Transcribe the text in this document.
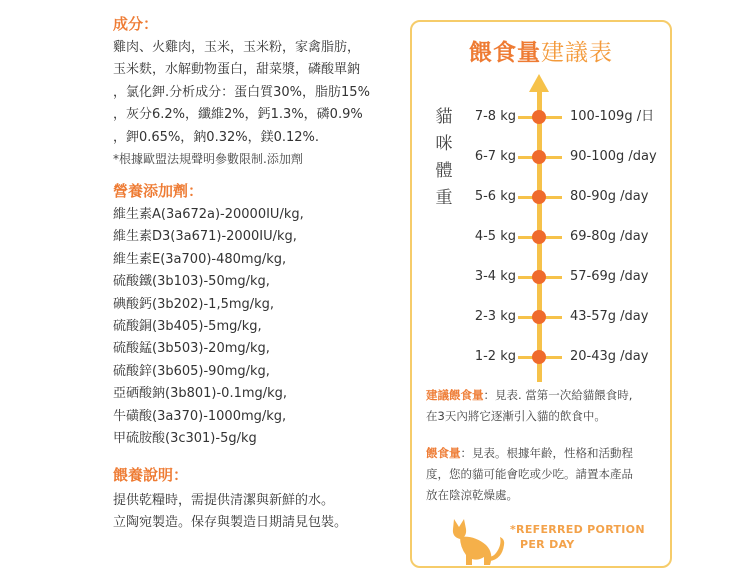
成分：

雞肉、火雞肉，玉米，玉米粉，家禽脂肪，
玉米麩，水解動物蛋白，甜菜漿，磷酸單鈉
，氯化鉀.分析成分：蛋白質30%，脂肪15%
，灰分6.2%，纖維2%，鈣1.3%，磷0.9%
，鉀0.65%，鈉0.32%，鎂0.12%.
*根據歐盟法規聲明參數限制.添加劑

營養添加劑：

維生素A(3a672a)-20000IU/kg,
維生素D3(3a671)-2000IU/kg,
維生素E(3a700)-480mg/kg,
硫酸鐵(3b103)-50mg/kg,
碘酸鈣(3b202)-1,5mg/kg,
硫酸銅(3b405)-5mg/kg,
硫酸錳(3b503)-20mg/kg,
硫酸鋅(3b605)-90mg/kg,
亞硒酸鈉(3b801)-0.1mg/kg,
牛磺酸(3a370)-1000mg/kg,
甲硫胺酸(3c301)-5g/kg

餵養說明：

提供乾糧時，需提供清潔與新鮮的水。
立陶宛製造。保存與製造日期請見包裝。
餵食量建議表
貓
咪
體
重
7-8 kg	100-109g /日
6-7 kg	90-100g /day
5-6 kg	80-90g /day
4-5 kg	69-80g /day
3-4 kg	57-69g /day
2-3 kg	43-57g /day
1-2 kg	20-43g /day
建議餵食量：見表. 當第一次給貓餵食時,
在3天內將它逐漸引入貓的飲食中。
餵食量：見表。根據年齡，性格和活動程
度，您的貓可能會吃或少吃。請置本產品
放在陰涼乾燥處。
*REFERRED PORTION
PER DAY
